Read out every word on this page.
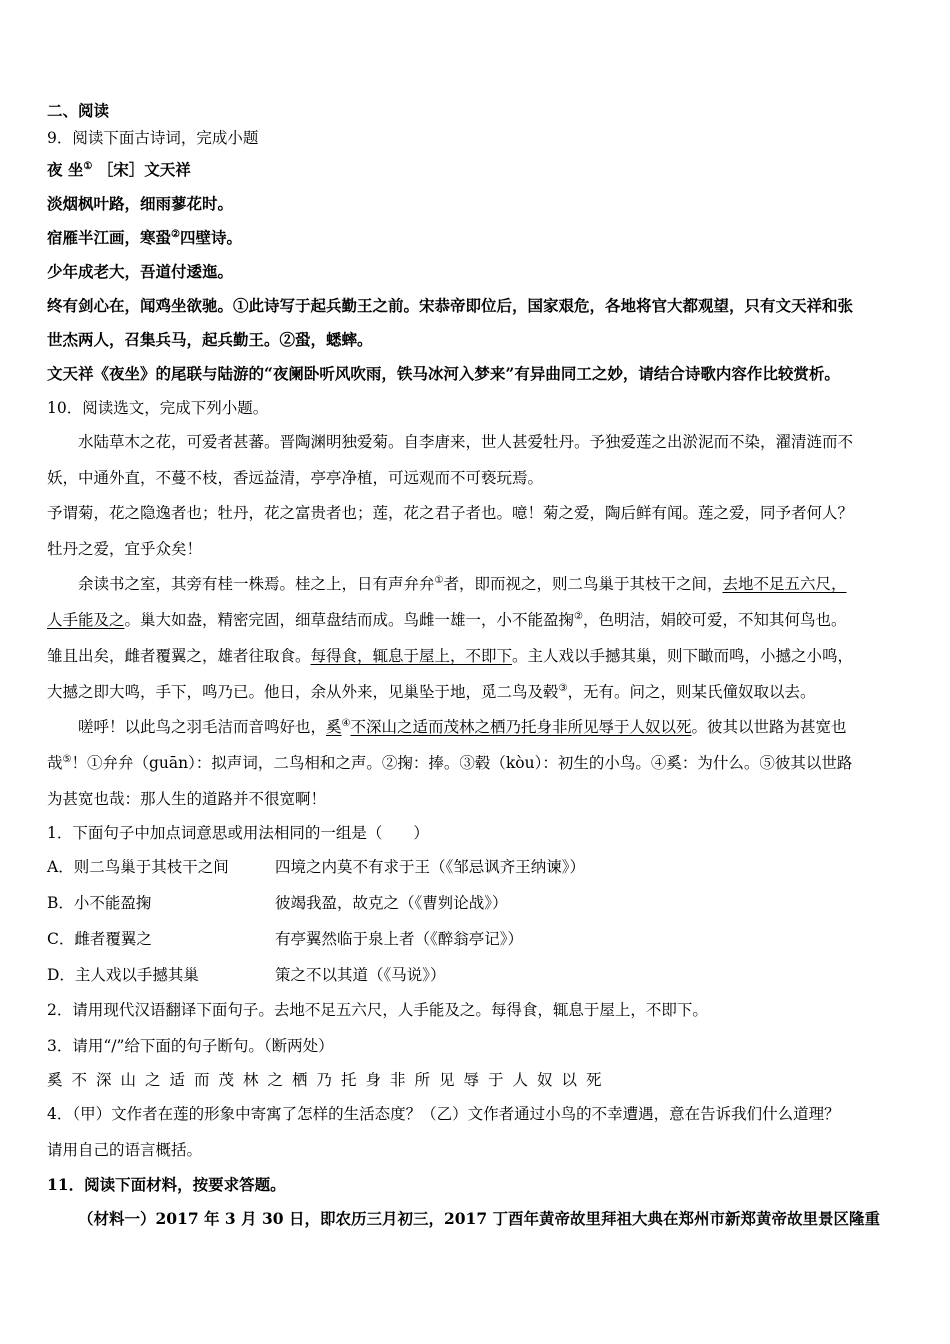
二、阅读
9．阅读下面古诗词，完成小题
夜 坐① ［宋］文天祥
淡烟枫叶路，细雨蓼花时。
宿雁半江画，寒蛩②四壁诗。
少年成老大，吾道付逶迤。
终有剑心在，闻鸡坐欲驰。①此诗写于起兵勤王之前。宋恭帝即位后，国家艰危，各地将官大都观望，只有文天祥和张
世杰两人，召集兵马，起兵勤王。②蛩，蟋蟀。
文天祥《夜坐》的尾联与陆游的“夜阑卧听风吹雨，铁马冰河入梦来”有异曲同工之妙，请结合诗歌内容作比较赏析。
10．阅读选文，完成下列小题。
水陆草木之花，可爱者甚蕃。晋陶渊明独爱菊。自李唐来，世人甚爱牡丹。予独爱莲之出淤泥而不染，濯清涟而不
妖，中通外直，不蔓不枝，香远益清，亭亭净植，可远观而不可亵玩焉。
予谓菊，花之隐逸者也；牡丹，花之富贵者也；莲，花之君子者也。噫！菊之爱，陶后鲜有闻。莲之爱，同予者何人？
牡丹之爱，宜乎众矣！
余读书之室，其旁有桂一株焉。桂之上，日有声弁弁①者，即而视之，则二鸟巢于其枝干之间，去地不足五六尺，
人手能及之。巢大如盎，精密完固，细草盘结而成。鸟雌一雄一，小不能盈掬②，色明洁，娟皎可爱，不知其何鸟也。
雏且出矣，雌者覆翼之，雄者往取食。每得食，辄息于屋上，不即下。主人戏以手撼其巢，则下瞰而鸣，小撼之小鸣，
大撼之即大鸣，手下，鸣乃已。他日，余从外来，见巢坠于地，觅二鸟及毂③，无有。问之，则某氏僮奴取以去。
嗟呼！以此鸟之羽毛洁而音鸣好也，奚④不深山之适而茂林之栖乃托身非所见辱于人奴以死。彼其以世路为甚宽也
哉⑤！①弁弁（guān）：拟声词，二鸟相和之声。②掬：捧。③毂（kòu）：初生的小鸟。④奚：为什么。⑤彼其以世路
为甚宽也哉：那人生的道路并不很宽啊！
1．下面句子中加点词意思或用法相同的一组是（　　）
A．则二鸟巢于其枝干之间	四境之内莫不有求于王（《邹忌讽齐王纳谏》）
B．小不能盈掬	彼竭我盈，故克之（《曹刿论战》）
C．雌者覆翼之	有亭翼然临于泉上者（《醉翁亭记》）
D．主人戏以手撼其巢	策之不以其道（《马说》）
2．请用现代汉语翻译下面句子。去地不足五六尺，人手能及之。每得食，辄息于屋上，不即下。
3．请用“/”给下面的句子断句。（断两处）
奚不深山之适而茂林之栖乃托身非所见辱于人奴以死
4．（甲）文作者在莲的形象中寄寓了怎样的生活态度？（乙）文作者通过小鸟的不幸遭遇，意在告诉我们什么道理？
请用自己的语言概括。
11．阅读下面材料，按要求答题。
（材料一）2017 年 3 月 30 日，即农历三月初三，2017 丁酉年黄帝故里拜祖大典在郑州市新郑黄帝故里景区隆重
